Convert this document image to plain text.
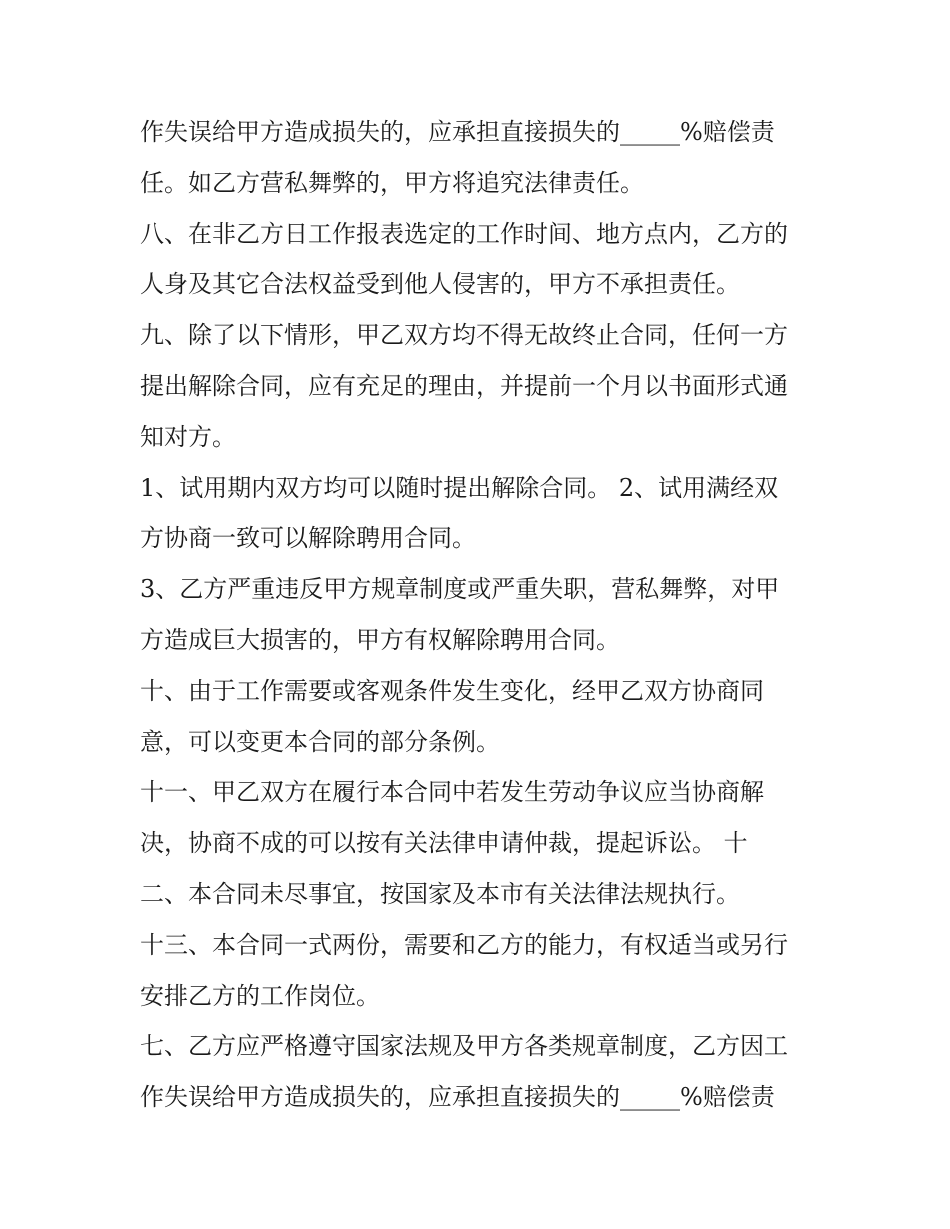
作失误给甲方造成损失的，应承担直接损失的_____%赔偿责
任。如乙方营私舞弊的，甲方将追究法律责任。
八、在非乙方日工作报表选定的工作时间、地方点内，乙方的
人身及其它合法权益受到他人侵害的，甲方不承担责任。
九、除了以下情形，甲乙双方均不得无故终止合同，任何一方
提出解除合同，应有充足的理由，并提前一个月以书面形式通
知对方。
1、试用期内双方均可以随时提出解除合同。 2、试用满经双
方协商一致可以解除聘用合同。
3、乙方严重违反甲方规章制度或严重失职，营私舞弊，对甲
方造成巨大损害的，甲方有权解除聘用合同。
十、由于工作需要或客观条件发生变化，经甲乙双方协商同
意，可以变更本合同的部分条例。
十一、甲乙双方在履行本合同中若发生劳动争议应当协商解
决，协商不成的可以按有关法律申请仲裁，提起诉讼。 十
二、本合同未尽事宜，按国家及本市有关法律法规执行。
十三、本合同一式两份，需要和乙方的能力，有权适当或另行
安排乙方的工作岗位。
七、乙方应严格遵守国家法规及甲方各类规章制度，乙方因工
作失误给甲方造成损失的，应承担直接损失的_____%赔偿责
